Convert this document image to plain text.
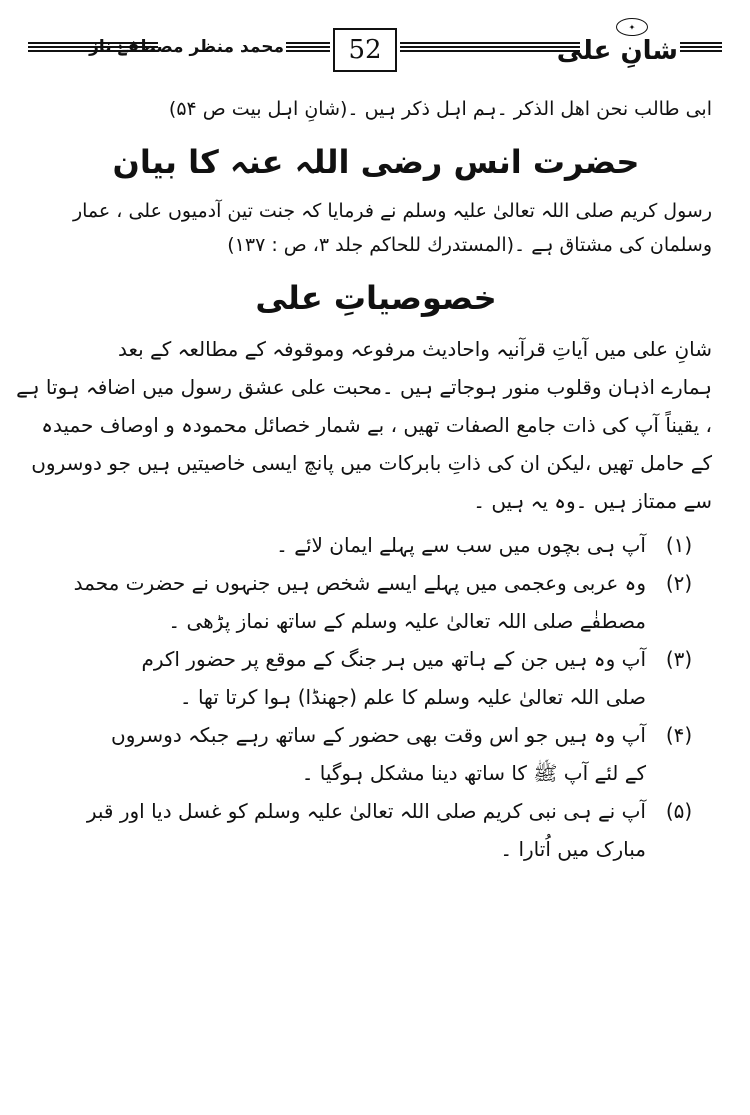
محمد منظر مصطفےٰ ناز	52
✦
شانِ علی
ابی طالب نحن اهل الذکر ۔ہم اہل ذکر ہیں ۔(شانِ اہل بیت ص ۵۴)
حضرت انس رضی اللہ عنہ کا بیان
رسول کریم صلی اللہ تعالیٰ علیہ وسلم نے فرمایا کہ جنت تین آدمیوں علی ، عمار
وسلمان کی مشتاق ہے ۔(المستدرك للحاكم جلد ٣، ص : ١٣٧)
خصوصیاتِ علی
شانِ علی میں آیاتِ قرآنیہ واحادیث مرفوعہ وموقوفہ کے مطالعہ کے بعد
ہمارے اذہان وقلوب منور ہوجاتے ہیں ۔محبت علی عشق رسول میں اضافہ ہوتا ہے
، یقیناً آپ کی ذات جامع الصفات تھیں ، بے شمار خصائل محمودہ و اوصاف حمیدہ
کے حامل تھیں ،لیکن ان کی ذاتِ بابرکات میں پانچ ایسی خاصیتیں ہیں جو دوسروں
سے ممتاز ہیں ۔وہ یہ ہیں ۔
(۱)
آپ ہی بچوں میں سب سے پہلے ایمان لائے ۔
(۲)
وہ عربی وعجمی میں پہلے ایسے شخص ہیں جنہوں نے حضرت محمد
مصطفٰے صلی اللہ تعالیٰ علیہ وسلم کے ساتھ نماز پڑھی ۔
(۳)
آپ وہ ہیں جن کے ہاتھ میں ہر جنگ کے موقع پر حضور اکرم
صلی اللہ تعالیٰ علیہ وسلم کا علم (جھنڈا) ہوا کرتا تھا ۔
(۴)
آپ وہ ہیں جو اس وقت بھی حضور کے ساتھ رہے جبکہ دوسروں
کے لئے آپ ﷺ کا ساتھ دینا مشکل ہوگیا ۔
(۵)
آپ نے ہی نبی کریم صلی اللہ تعالیٰ علیہ وسلم کو غسل دیا اور قبر
مبارک میں اُتارا ۔
